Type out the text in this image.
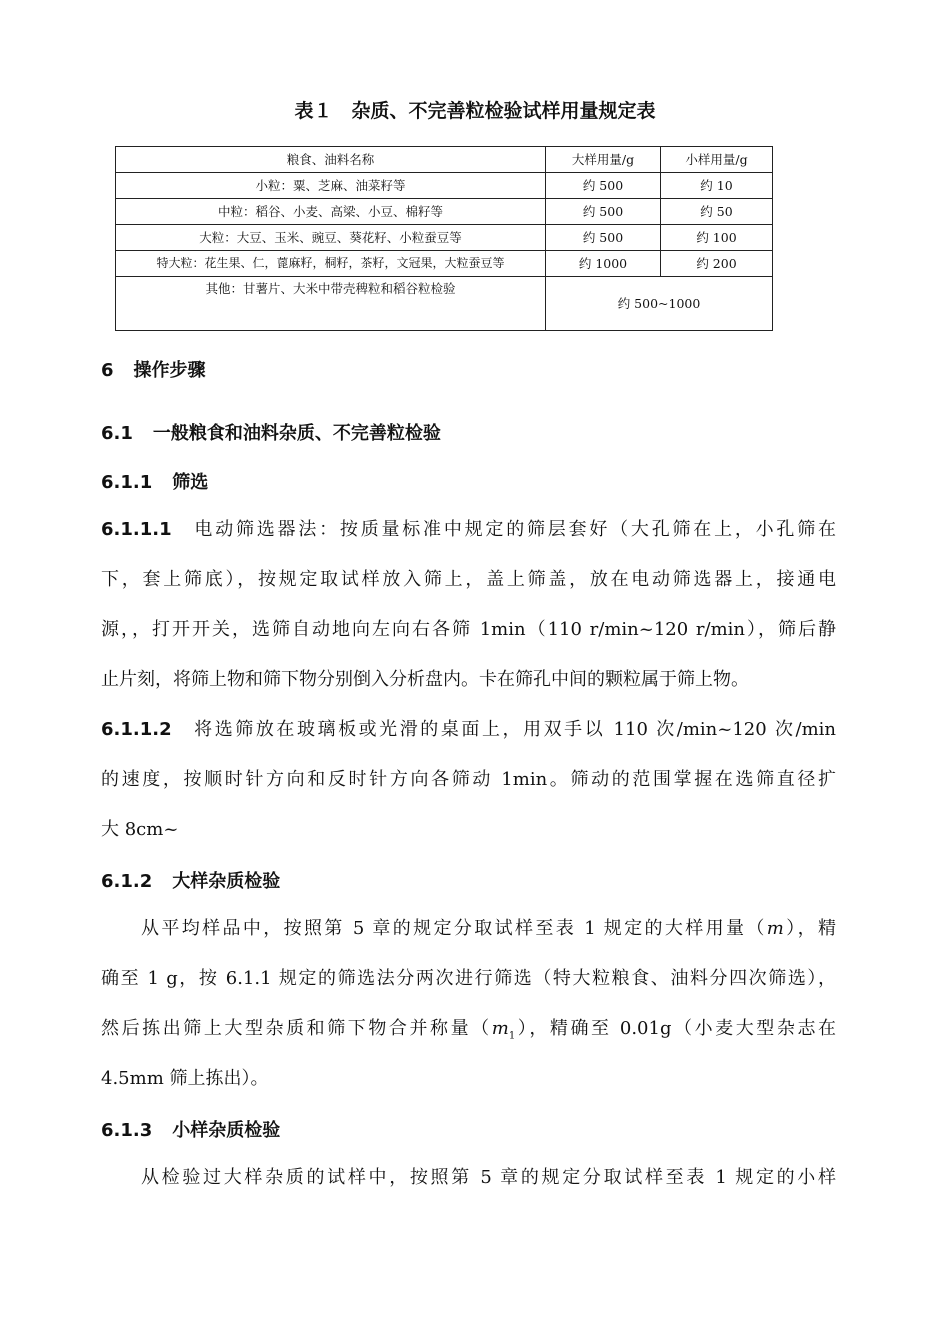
表１　杂质、不完善粒检验试样用量规定表
粮食、油料名称	大样用量/g	小样用量/g
小粒：粟、芝麻、油菜籽等	约 500	约 10
中粒：稻谷、小麦、高梁、小豆、棉籽等	约 500	约 50
大粒：大豆、玉米、豌豆、葵花籽、小粒蚕豆等	约 500	约 100
特大粒：花生果、仁，蓖麻籽，桐籽，茶籽，文冠果，大粒蚕豆等	约 1000	约 200
其他：甘薯片、大米中带壳稗粒和稻谷粒检验	约 500~1000	
6 操作步骤
6.1 一般粮食和油料杂质、不完善粒检验
6.1.1 筛选
6.1.1.1 电动筛选器法：按质量标准中规定的筛层套好（大孔筛在上，小孔筛在
下，套上筛底），按规定取试样放入筛上，盖上筛盖，放在电动筛选器上，接通电
源，，打开开关，选筛自动地向左向右各筛 1min（110 r/min~120 r/min），筛后静
止片刻，将筛上物和筛下物分别倒入分析盘内。卡在筛孔中间的颗粒属于筛上物。
6.1.1.2 将选筛放在玻璃板或光滑的桌面上，用双手以 110 次/min~120 次/min
的速度，按顺时针方向和反时针方向各筛动 1min。筛动的范围掌握在选筛直径扩
大 8cm~
6.1.2 大样杂质检验
从平均样品中，按照第 5 章的规定分取试样至表 1 规定的大样用量（m），精
确至 1 g，按 6.1.1 规定的筛选法分两次进行筛选（特大粒粮食、油料分四次筛选），
然后拣出筛上大型杂质和筛下物合并称量$(m_1)$，精确至 0.01g（小麦大型杂志在
4.5mm 筛上拣出）。
6.1.3 小样杂质检验
从检验过大样杂质的试样中，按照第 5 章的规定分取试样至表 1 规定的小样
